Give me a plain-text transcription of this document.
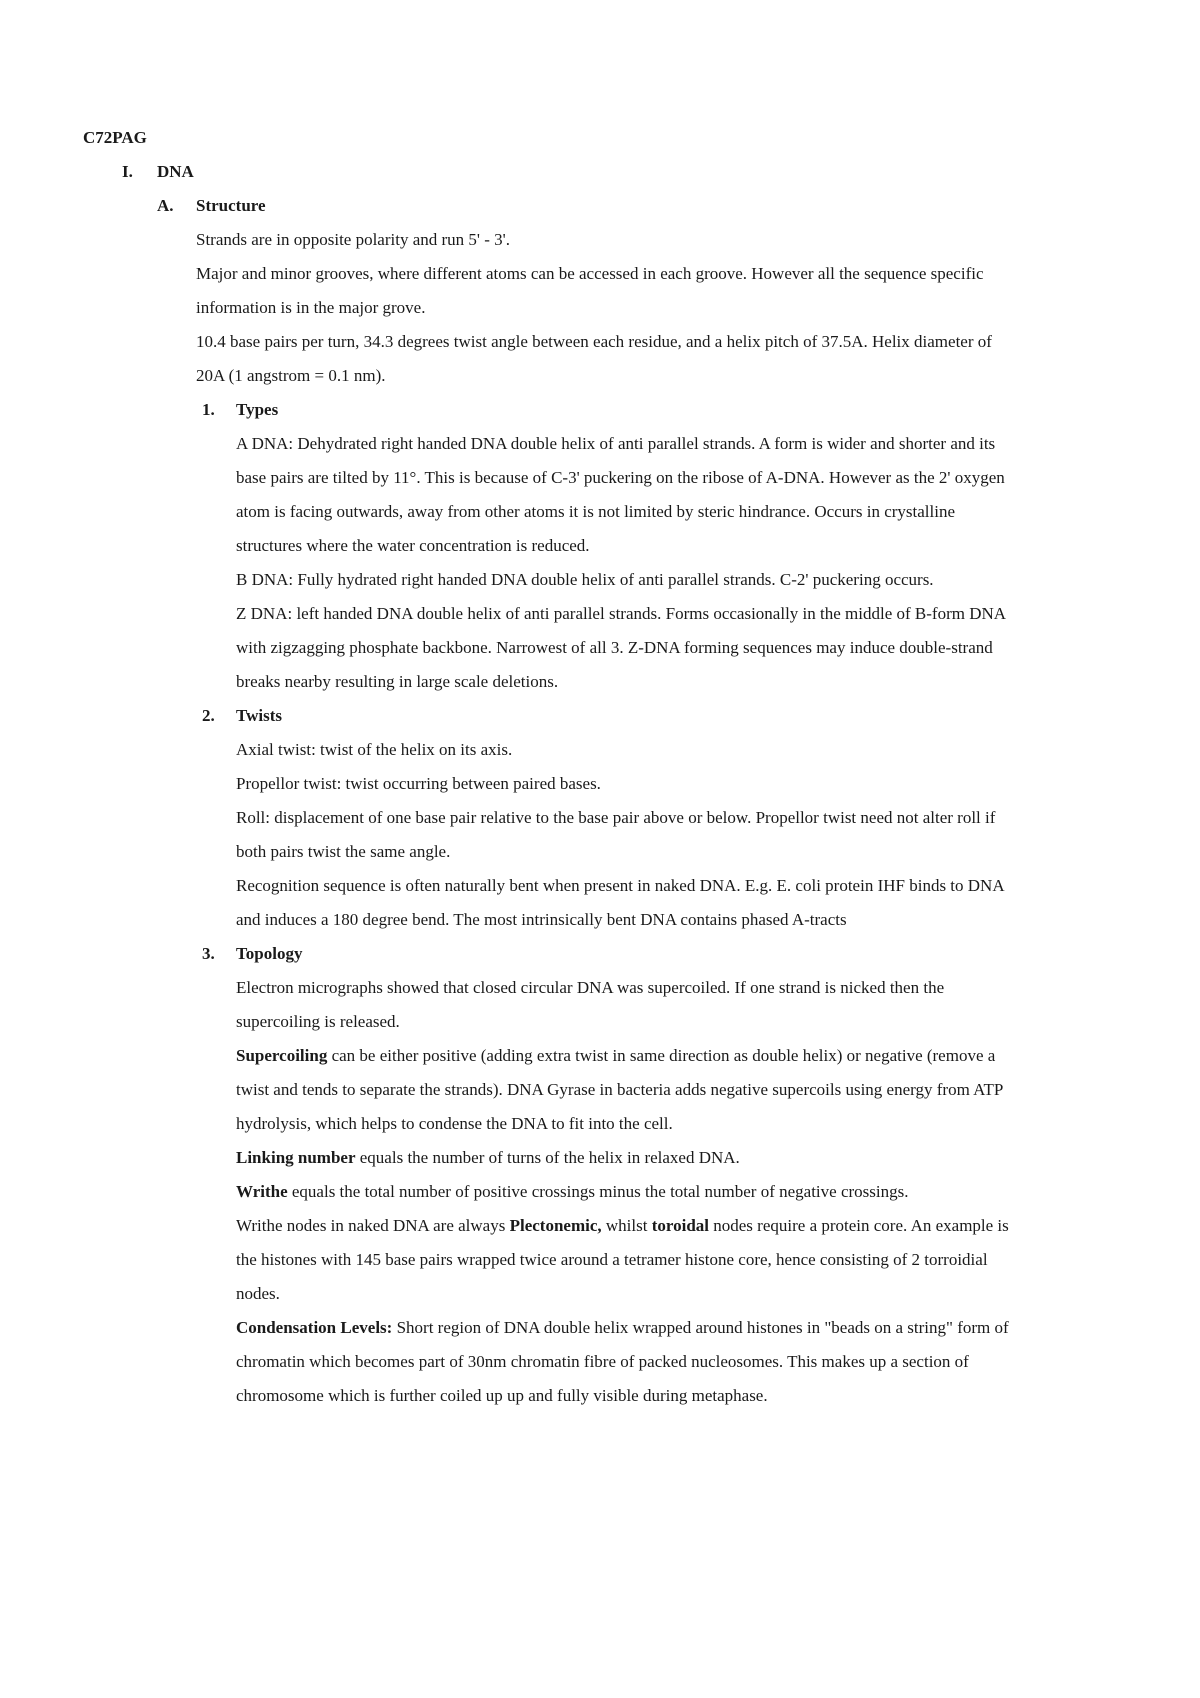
C72PAG
I. DNA
A. Structure
Strands are in opposite polarity and run 5' - 3'.
Major and minor grooves, where different atoms can be accessed in each groove. However all the sequence specific
information is in the major grove.
10.4 base pairs per turn, 34.3 degrees twist angle between each residue, and a helix pitch of 37.5A. Helix diameter of
20A (1 angstrom = 0.1 nm).
1. Types
A DNA: Dehydrated right handed DNA double helix of anti parallel strands. A form is wider and shorter and its
base pairs are tilted by 11°. This is because of C-3' puckering on the ribose of A-DNA. However as the 2' oxygen
atom is facing outwards, away from other atoms it is not limited by steric hindrance. Occurs in crystalline
structures where the water concentration is reduced.
B DNA: Fully hydrated right handed DNA double helix of anti parallel strands. C-2' puckering occurs.
Z DNA: left handed DNA double helix of anti parallel strands. Forms occasionally in the middle of B-form DNA
with zigzagging phosphate backbone. Narrowest of all 3. Z-DNA forming sequences may induce double-strand
breaks nearby resulting in large scale deletions.
2. Twists
Axial twist: twist of the helix on its axis.
Propellor twist: twist occurring between paired bases.
Roll: displacement of one base pair relative to the base pair above or below. Propellor twist need not alter roll if
both pairs twist the same angle.
Recognition sequence is often naturally bent when present in naked DNA. E.g. E. coli protein IHF binds to DNA
and induces a 180 degree bend. The most intrinsically bent DNA contains phased A-tracts
3. Topology
Electron micrographs showed that closed circular DNA was supercoiled. If one strand is nicked then the
supercoiling is released.
Supercoiling can be either positive (adding extra twist in same direction as double helix) or negative (remove a
twist and tends to separate the strands). DNA Gyrase in bacteria adds negative supercoils using energy from ATP
hydrolysis, which helps to condense the DNA to fit into the cell.
Linking number equals the number of turns of the helix in relaxed DNA.
Writhe equals the total number of positive crossings minus the total number of negative crossings.
Writhe nodes in naked DNA are always Plectonemic, whilst toroidal nodes require a protein core. An example is
the histones with 145 base pairs wrapped twice around a tetramer histone core, hence consisting of 2 torroidial
nodes.
Condensation Levels: Short region of DNA double helix wrapped around histones in "beads on a string" form of
chromatin which becomes part of 30nm chromatin fibre of packed nucleosomes. This makes up a section of
chromosome which is further coiled up up and fully visible during metaphase.
